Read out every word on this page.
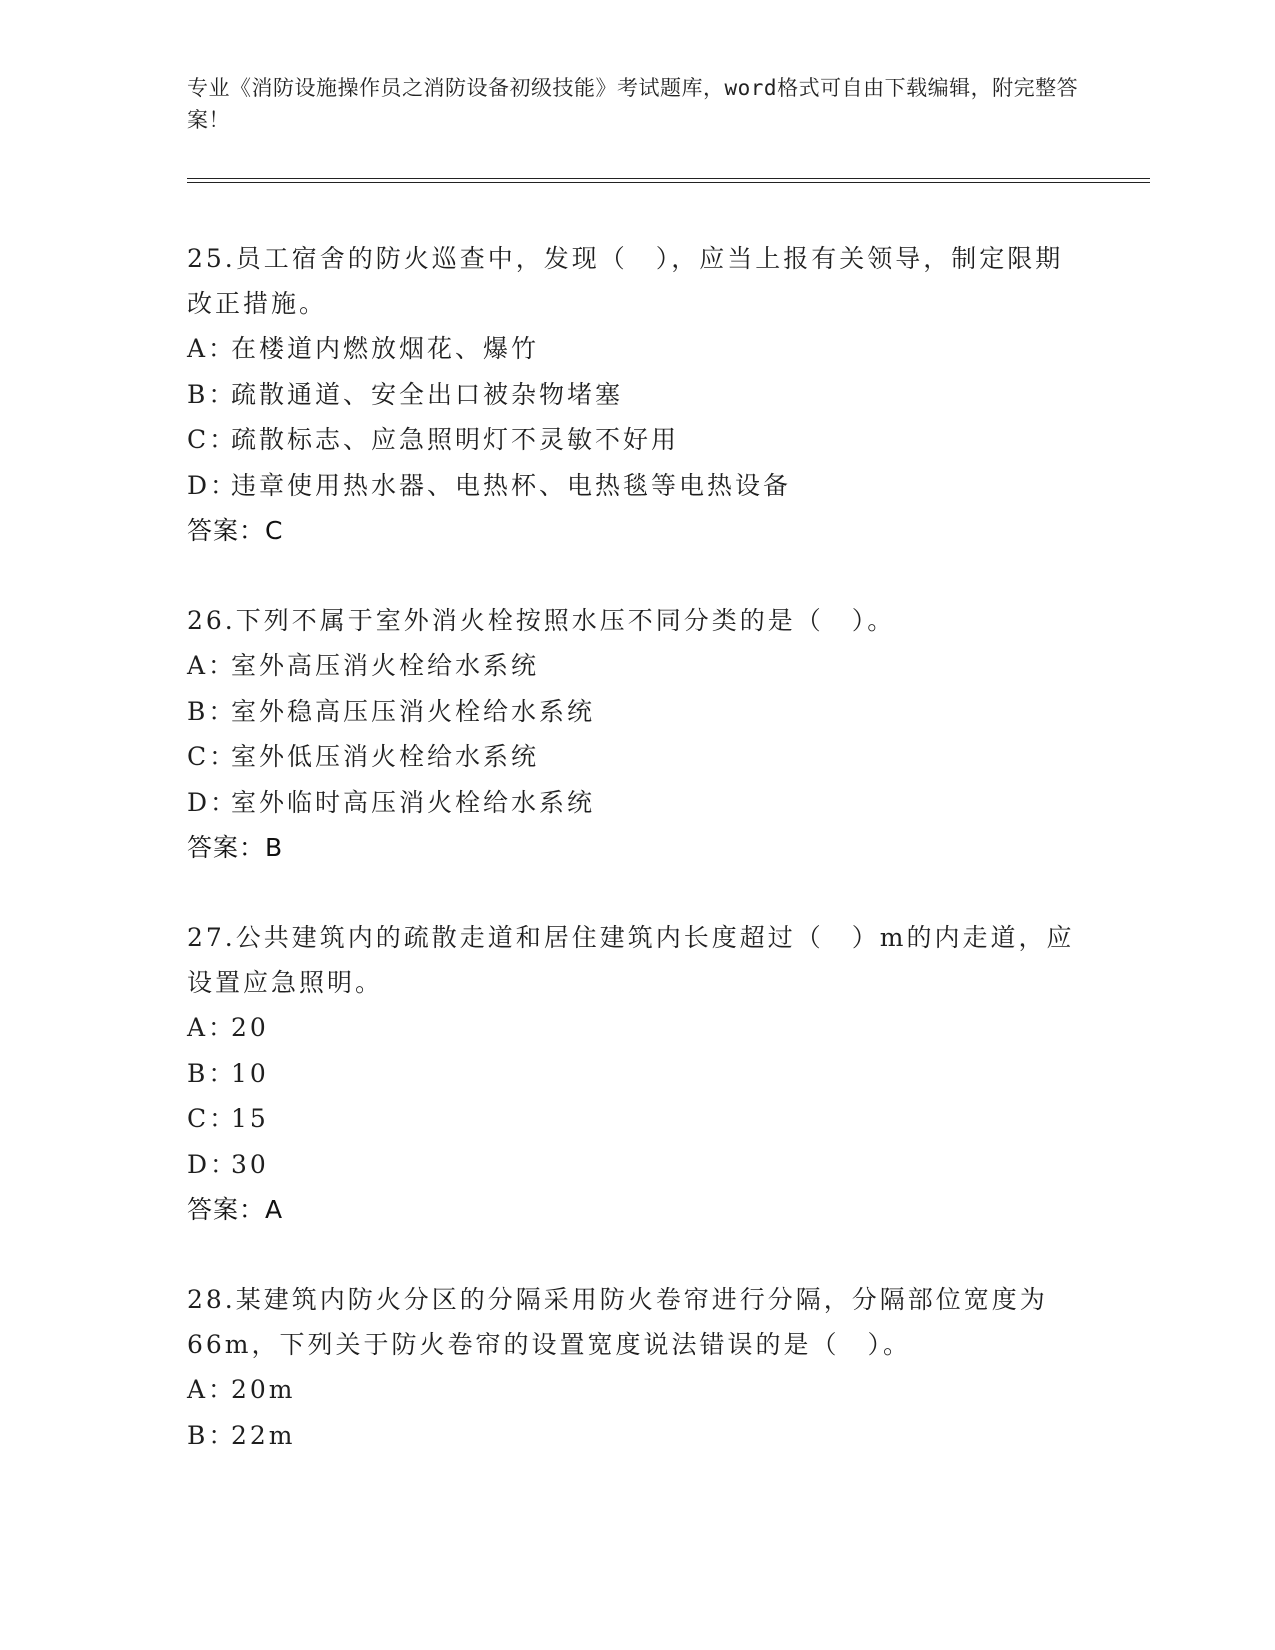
专业《消防设施操作员之消防设备初级技能》考试题库，word格式可自由下载编辑，附完整答案！
25.员工宿舍的防火巡查中，发现（　），应当上报有关领导，制定限期改正措施。
A：在楼道内燃放烟花、爆竹
B：疏散通道、安全出口被杂物堵塞
C：疏散标志、应急照明灯不灵敏不好用
D：违章使用热水器、电热杯、电热毯等电热设备
答案：C
26.下列不属于室外消火栓按照水压不同分类的是（　）。
A：室外高压消火栓给水系统
B：室外稳高压压消火栓给水系统
C：室外低压消火栓给水系统
D：室外临时高压消火栓给水系统
答案：B
27.公共建筑内的疏散走道和居住建筑内长度超过（　）m的内走道，应设置应急照明。
A：20
B：10
C：15
D：30
答案：A
28.某建筑内防火分区的分隔采用防火卷帘进行分隔，分隔部位宽度为66m，下列关于防火卷帘的设置宽度说法错误的是（　）。
A：20m
B：22m
